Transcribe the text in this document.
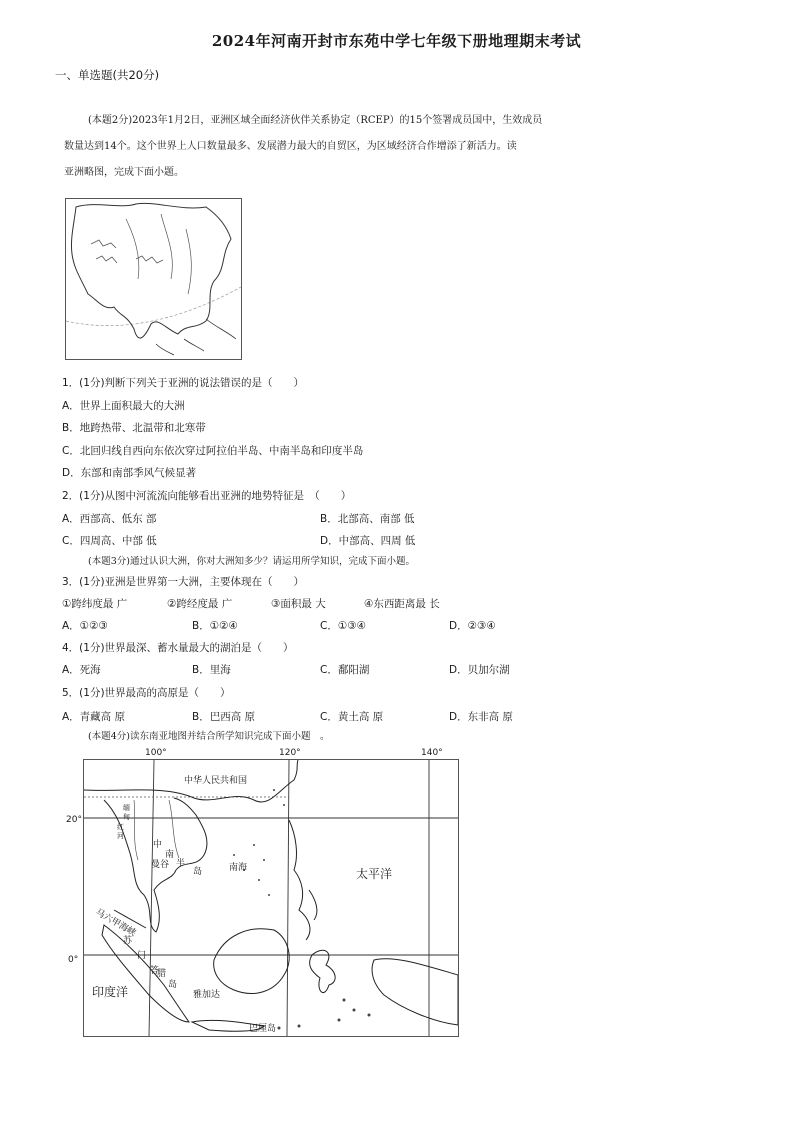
2024年河南开封市东苑中学七年级下册地理期末考试
一、单选题(共20分)
(本题2分)2023年1月2日，亚洲区域全面经济伙伴关系协定（RCEP）的15个签署成员国中，生效成员
数量达到14个。这个世界上人口数量最多、发展潜力最大的自贸区，为区域经济合作增添了新活力。读
亚洲略图，完成下面小题。
1．(1分)判断下列关于亚洲的说法错误的是（　　）
A．世界上面积最大的大洲
B．地跨热带、北温带和北寒带
C．北回归线自西向东依次穿过阿拉伯半岛、中南半岛和印度半岛
D．东部和南部季风气候显著
2．(1分)从图中河流流向能够看出亚洲的地势特征是　（　　）
A．西部高、低东 部	B．北部高、南部 低
C．四周高、中部 低	D．中部高、四周 低
(本题3分)通过认识大洲，你对大洲知多少？请运用所学知识，完成下面小题。
3．(1分)亚洲是世界第一大洲，主要体现在（　　）
①跨纬度最 广	②跨经度最 广	③面积最 大	④东西距离最 长
A．①②③	B．①②④	C．①③④	D．②③④
4．(1分)世界最深、蓄水量最大的湖泊是（　　）
A．死海	B．里海	C．鄱阳湖	D．贝加尔湖
5．(1分)世界最高的高原是（　　）
A．青藏高 原	B．巴西高 原	C．黄土高 原	D．东非高 原
(本题4分)读东南亚地图并结合所学知识完成下面小题　。
100°	120°	140°
20°
0°
中华人民共和国
缅
甸
红
河
中
南
曼谷 半
岛	南海	太平洋
马六甲海峡
苏
门
答
腊
岛
印度洋	雅加达
巴厘岛
